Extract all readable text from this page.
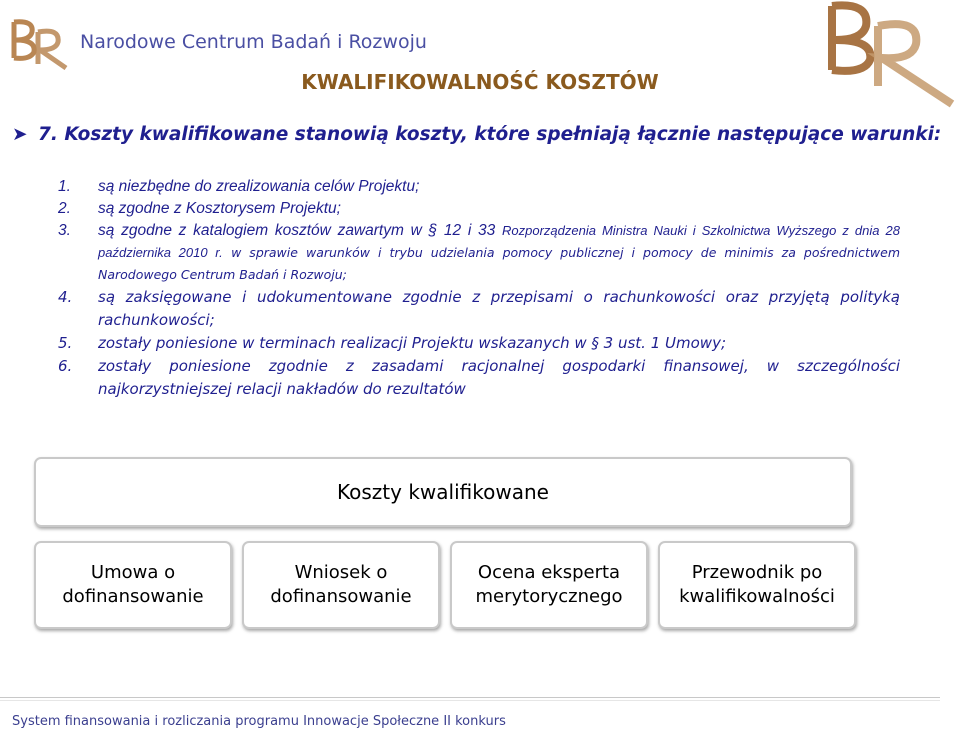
Narodowe Centrum Badań i Rozwoju
KWALIFIKOWALNOŚĆ KOSZTÓW
➤ 7. Koszty kwalifikowane stanowią koszty, które spełniają łącznie następujące warunki:
1. są niezbędne do zrealizowania celów Projektu;
2. są zgodne z Kosztorysem Projektu;
3. są zgodne z katalogiem kosztów zawartym w § 12 i 33 Rozporządzenia Ministra Nauki i Szkolnictwa Wyższego z dnia 28 października 2010 r. w sprawie warunków i trybu udzielania pomocy publicznej i pomocy de minimis za pośrednictwem Narodowego Centrum Badań i Rozwoju;
4. są zaksięgowane i udokumentowane zgodnie z przepisami o rachunkowości oraz przyjętą polityką rachunkowości;
5. zostały poniesione w terminach realizacji Projektu wskazanych w § 3 ust. 1 Umowy;
6. zostały poniesione zgodnie z zasadami racjonalnej gospodarki finansowej, w szczególności najkorzystniejszej relacji nakładów do rezultatów
Koszty kwalifikowane
Umowa o dofinansowanie
Wniosek o dofinansowanie
Ocena eksperta merytorycznego
Przewodnik po kwalifikowalności
System finansowania i rozliczania programu Innowacje Społeczne II konkurs
